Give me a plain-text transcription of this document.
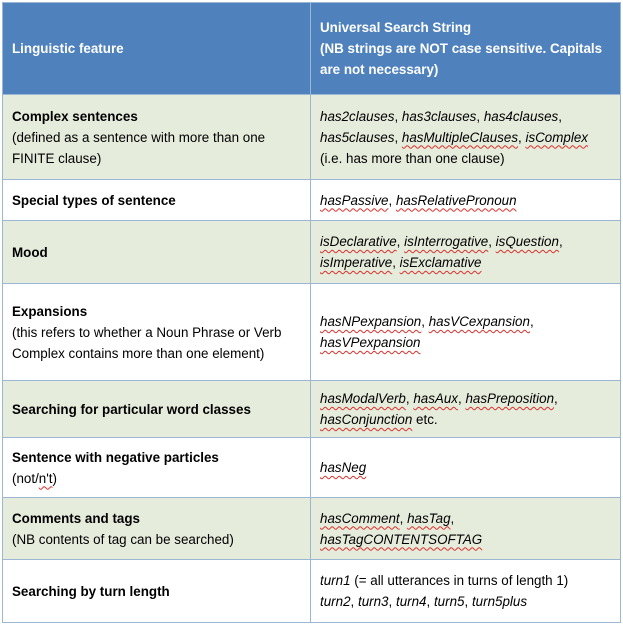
Linguistic feature	Universal Search String
(NB strings are NOT case sensitive. Capitals are not necessary)

Complex sentences
(defined as a sentence with more than one FINITE clause)	has2clauses, has3clauses, has4clauses, has5clauses, hasMultipleClauses, isComplex
(i.e. has more than one clause)

Special types of sentence	hasPassive, hasRelativePronoun

Mood	isDeclarative, isInterrogative, isQuestion, isImperative, isExclamative

Expansions
(this refers to whether a Noun Phrase or Verb Complex contains more than one element)	hasNPexpansion, hasVCexpansion, hasVPexpansion

Searching for particular word classes	hasModalVerb, hasAux, hasPreposition, hasConjunction etc.

Sentence with negative particles
(not/n't)	hasNeg

Comments and tags
(NB contents of tag can be searched)	hasComment, hasTag,
hasTagCONTENTSOFTAG

Searching by turn length	turn1 (= all utterances in turns of length 1)
turn2, turn3, turn4, turn5, turn5plus
